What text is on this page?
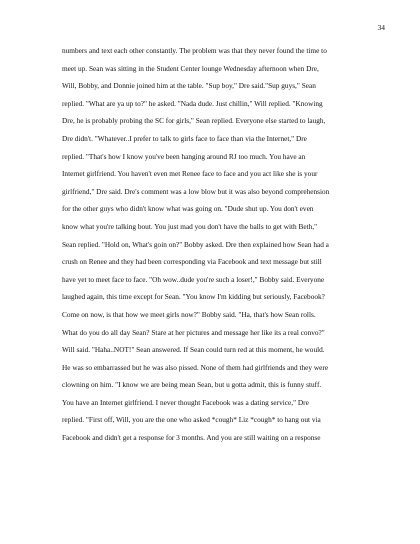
34
numbers and text each other constantly. The problem was that they never found the time to
meet up. Sean was sitting in the Student Center lounge Wednesday afternoon when Dre,
Will, Bobby, and Donnie joined him at the table. "Sup boy," Dre said."Sup guys," Sean
replied. "What are ya up to?" he asked. "Nada dude. Just chillin," Will replied. "Knowing
Dre, he is probably probing the SC for girls," Sean replied. Everyone else started to laugh,
Dre didn't. "Whatever..I prefer to talk to girls face to face than via the Internet," Dre
replied. "That's how I know you've been hanging around RJ too much. You have an
Internet girlfriend. You haven't even met Renee face to face and you act like she is your
girlfriend," Dre said. Dre's comment was a low blow but it was also beyond comprehension
for the other guys who didn't know what was going on. "Dude shut up. You don't even
know what you're talking bout. You just mad you don't have the balls to get with Beth,"
Sean replied. "Hold on, What's goin on?" Bobby asked. Dre then explained how Sean had a
crush on Renee and they had been corresponding via Facebook and text message but still
have yet to meet face to face. "Oh wow..dude you're such a loser!," Bobby said. Everyone
laughed again, this time except for Sean. "You know I'm kidding but seriously, Facebook?
Come on now, is that how we meet girls now?" Bobby said. "Ha, that's how Sean rolls.
What do you do all day Sean? Stare at her pictures and message her like its a real convo?"
Will said. "Haha..NOT!" Sean answered. If Sean could turn red at this moment, he would.
He was so embarrassed but he was also pissed. None of them had girlfriends and they were
clowning on him. "I know we are being mean Sean, but u gotta admit, this is funny stuff.
You have an Internet girlfriend. I never thought Facebook was a dating service," Dre
replied. "First off, Will, you are the one who asked *cough* Liz *cough* to hang out via
Facebook and didn't get a response for 3 months. And you are still waiting on a response
